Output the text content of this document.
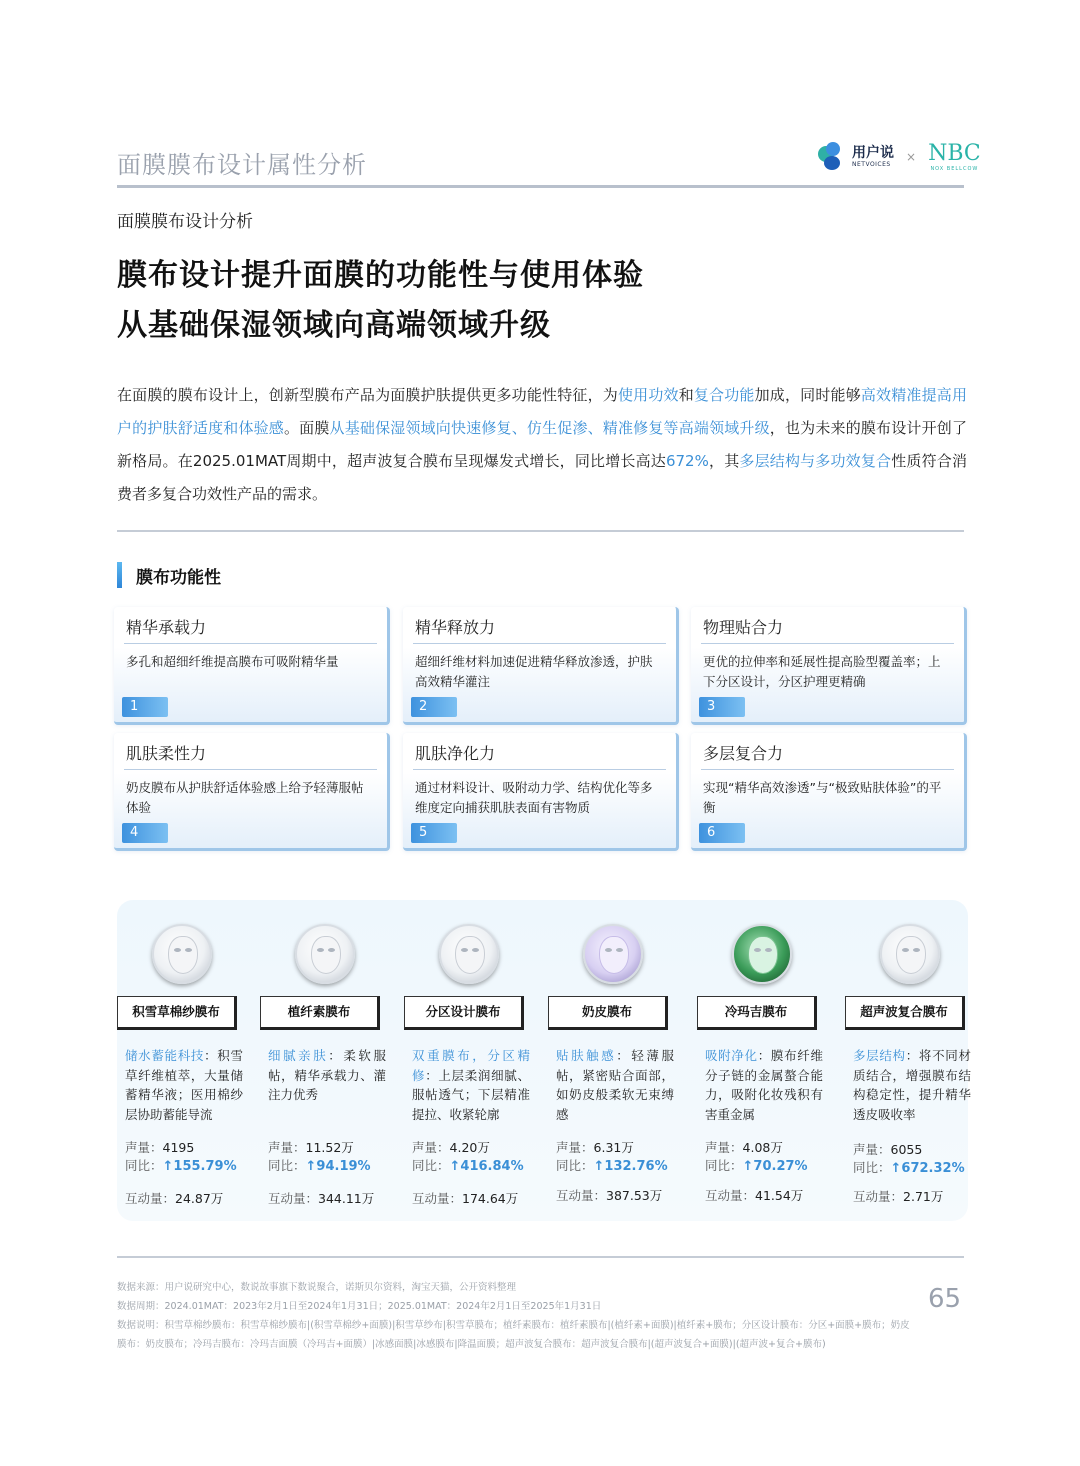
面膜膜布设计属性分析	用户说
NETVOICES
× NBC
NOX BELLCOW
面膜膜布设计分析
膜布设计提升面膜的功能性与使用体验
从基础保湿领域向高端领域升级
在面膜的膜布设计上，创新型膜布产品为面膜护肤提供更多功能性特征，为使用功效和复合功能加成，同时能够高效精准提高用户的护肤舒适度和体验感。面膜从基础保湿领域向快速修复、仿生促渗、精准修复等高端领域升级，也为未来的膜布设计开创了新格局。在2025.01MAT周期中，超声波复合膜布呈现爆发式增长，同比增长高达672%，其多层结构与多功效复合性质符合消费者多复合功效性产品的需求。
膜布功能性
精华承载力
多孔和超细纤维提高膜布可吸附精华量
1
精华释放力
超细纤维材料加速促进精华释放渗透，护肤高效精华灌注
2
物理贴合力
更优的拉伸率和延展性提高脸型覆盖率；上下分区设计，分区护理更精确
3
肌肤柔性力
奶皮膜布从护肤舒适体验感上给予轻薄服帖体验
4
肌肤净化力
通过材料设计、吸附动力学、结构优化等多维度定向捕获肌肤表面有害物质
5
多层复合力
实现“精华高效渗透”与“极致贴肤体验”的平衡
6
积雪草棉纱膜布
储水蓄能科技：积雪草纤维植萃，大量储蓄精华液；医用棉纱层协助蓄能导流
声量：4195
同比：↑155.79%
互动量：24.87万
植纤素膜布
细腻亲肤：柔软服帖，精华承载力、灌注力优秀
声量：11.52万
同比：↑94.19%
互动量：344.11万
分区设计膜布
双重膜布，分区精修：上层柔润细腻、服帖透气；下层精准提拉、收紧轮廓
声量：4.20万
同比：↑416.84%
互动量：174.64万
奶皮膜布
贴肤触感：轻薄服帖，紧密贴合面部，如奶皮般柔软无束缚感
声量：6.31万
同比：↑132.76%
互动量：387.53万
冷玛吉膜布
吸附净化：膜布纤维分子链的金属螯合能力，吸附化妆残积有害重金属
声量：4.08万
同比：↑70.27%
互动量：41.54万
超声波复合膜布
多层结构：将不同材质结合，增强膜布结构稳定性，提升精华透皮吸收率
声量：6055
同比：↑672.32%
互动量：2.71万
数据来源：用户说研究中心，数说故事旗下数说聚合，诺斯贝尔资料，淘宝天猫，公开资料整理
数据周期：2024.01MAT：2023年2月1日至2024年1月31日；2025.01MAT：2024年2月1日至2025年1月31日
数据说明：积雪草棉纱膜布：积雪草棉纱膜布|(积雪草棉纱+面膜)|积雪草纱布|积雪草膜布；植纤素膜布：植纤素膜布|(植纤素+面膜)|植纤素+膜布；分区设计膜布：分区+面膜+膜布；奶皮膜布：奶皮膜布；冷玛吉膜布：冷玛吉面膜（冷玛吉+面膜）|冰感面膜|冰感膜布|降温面膜；超声波复合膜布：超声波复合膜布|(超声波复合+面膜)|(超声波+复合+膜布)
65
